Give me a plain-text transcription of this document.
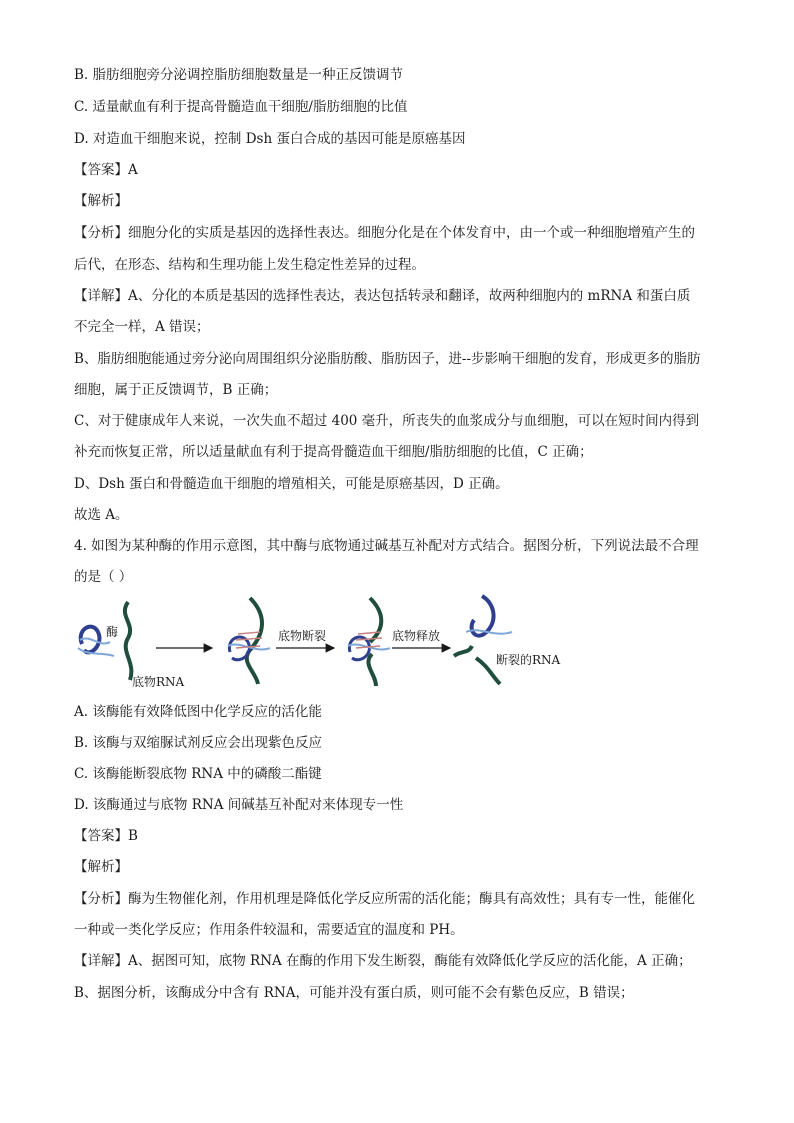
B. 脂肪细胞旁分泌调控脂肪细胞数量是一种正反馈调节
C. 适量献血有利于提高骨髓造血干细胞/脂肪细胞的比值
D. 对造血干细胞来说，控制 Dsh 蛋白合成的基因可能是原癌基因
【答案】A
【解析】
【分析】细胞分化的实质是基因的选择性表达。细胞分化是在个体发育中，由一个或一种细胞增殖产生的
后代，在形态、结构和生理功能上发生稳定性差异的过程。
【详解】A、分化的本质是基因的选择性表达，表达包括转录和翻译，故两种细胞内的 mRNA 和蛋白质
不完全一样，A 错误；
B、脂肪细胞能通过旁分泌向周围组织分泌脂肪酸、脂肪因子，进--步影响干细胞的发育，形成更多的脂肪
细胞，属于正反馈调节，B 正确；
C、对于健康成年人来说，一次失血不超过 400 毫升，所丧失的血浆成分与血细胞，可以在短时间内得到
补充而恢复正常，所以适量献血有利于提高骨髓造血干细胞/脂肪细胞的比值，C 正确；
D、Dsh 蛋白和骨髓造血干细胞的增殖相关，可能是原癌基因，D 正确。
故选 A。
4. 如图为某种酶的作用示意图，其中酶与底物通过碱基互补配对方式结合。据图分析，下列说法最不合理
的是（ ）
酶
底物RNA
底物断裂	底物释放
断裂的RNA
A. 该酶能有效降低图中化学反应的活化能
B. 该酶与双缩脲试剂反应会出现紫色反应
C. 该酶能断裂底物 RNA 中的磷酸二酯键
D. 该酶通过与底物 RNA 间碱基互补配对来体现专一性
【答案】B
【解析】
【分析】酶为生物催化剂，作用机理是降低化学反应所需的活化能；酶具有高效性；具有专一性，能催化
一种或一类化学反应；作用条件较温和，需要适宜的温度和 PH。
【详解】A、据图可知，底物 RNA 在酶的作用下发生断裂，酶能有效降低化学反应的活化能，A 正确；
B、据图分析，该酶成分中含有 RNA，可能并没有蛋白质，则可能不会有紫色反应，B 错误；
